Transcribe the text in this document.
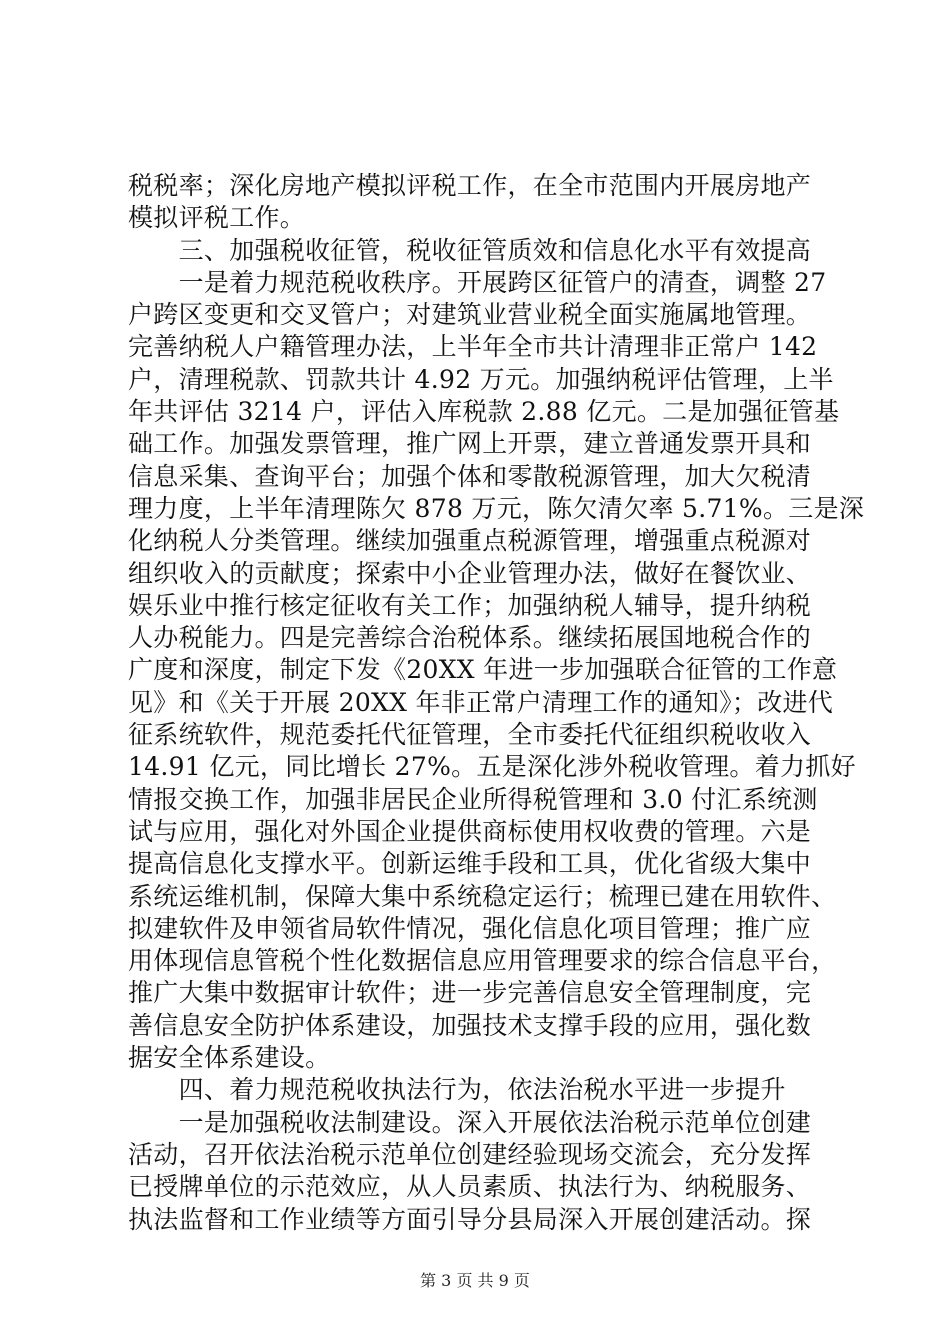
税税率；深化房地产模拟评税工作，在全市范围内开展房地产
模拟评税工作。
　　三、加强税收征管，税收征管质效和信息化水平有效提高
　　一是着力规范税收秩序。开展跨区征管户的清查，调整 27
户跨区变更和交叉管户；对建筑业营业税全面实施属地管理。
完善纳税人户籍管理办法，上半年全市共计清理非正常户 142
户，清理税款、罚款共计 4.92 万元。加强纳税评估管理，上半
年共评估 3214 户，评估入库税款 2.88 亿元。二是加强征管基
础工作。加强发票管理，推广网上开票，建立普通发票开具和
信息采集、查询平台；加强个体和零散税源管理，加大欠税清
理力度，上半年清理陈欠 878 万元，陈欠清欠率 5.71%。三是深
化纳税人分类管理。继续加强重点税源管理，增强重点税源对
组织收入的贡献度；探索中小企业管理办法，做好在餐饮业、
娱乐业中推行核定征收有关工作；加强纳税人辅导，提升纳税
人办税能力。四是完善综合治税体系。继续拓展国地税合作的
广度和深度，制定下发《20XX 年进一步加强联合征管的工作意
见》和《关于开展 20XX 年非正常户清理工作的通知》；改进代
征系统软件，规范委托代征管理，全市委托代征组织税收收入
14.91 亿元，同比增长 27%。五是深化涉外税收管理。着力抓好
情报交换工作，加强非居民企业所得税管理和 3.0 付汇系统测
试与应用，强化对外国企业提供商标使用权收费的管理。六是
提高信息化支撑水平。创新运维手段和工具，优化省级大集中
系统运维机制，保障大集中系统稳定运行；梳理已建在用软件、
拟建软件及申领省局软件情况，强化信息化项目管理；推广应
用体现信息管税个性化数据信息应用管理要求的综合信息平台，
推广大集中数据审计软件；进一步完善信息安全管理制度，完
善信息安全防护体系建设，加强技术支撑手段的应用，强化数
据安全体系建设。
　　四、着力规范税收执法行为，依法治税水平进一步提升
　　一是加强税收法制建设。深入开展依法治税示范单位创建
活动，召开依法治税示范单位创建经验现场交流会，充分发挥
已授牌单位的示范效应，从人员素质、执法行为、纳税服务、
执法监督和工作业绩等方面引导分县局深入开展创建活动。探
第 3 页 共 9 页
